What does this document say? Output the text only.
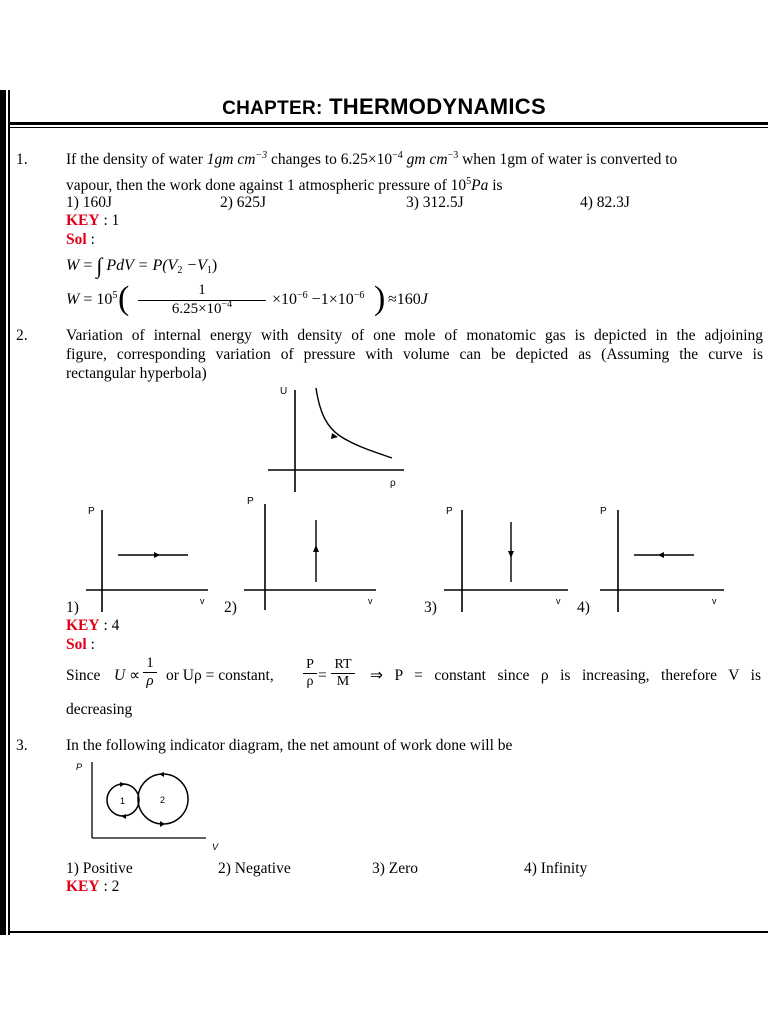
CHAPTER: THERMODYNAMICS
1. If the density of water 1gm $cm^{-3}$ changes to $6.25\times 10^{-4}$ gm $cm^{-3}$ when 1gm of water is converted to
vapour, then the work done against 1 atmospheric pressure of $10^5Pa$ is
1) 160J	2) 625J	3) 312.5J	4) 82.3J
KEY : 1
Sol :
W = ∫ PdV = $P(V_2 -V_1)$
$W = 10^5$ (	1
$6.25\times 10^{-4}$	$\times 10^{-6} -1\times 10^{-6}$ ) ≈160J
2. Variation of internal energy with density of one mole of monatomic gas is depicted in the adjoining
figure, corresponding variation of pressure with volume can be depicted as (Assuming the curve is
rectangular hyperbola)
U
ρ
P
v
1)
P
v
2)
P
v
3)
P
v
4)
KEY : 4
Sol :
Since U ∝
1
ρ or Uρ = constant,
P
ρ =
RT
M	⇒ P = constant since ρ is increasing, therefore V is
decreasing
3. In the following indicator diagram, the net amount of work done will be
P
V
1	2
1) Positive	2) Negative	3) Zero	4) Infinity
KEY : 2
